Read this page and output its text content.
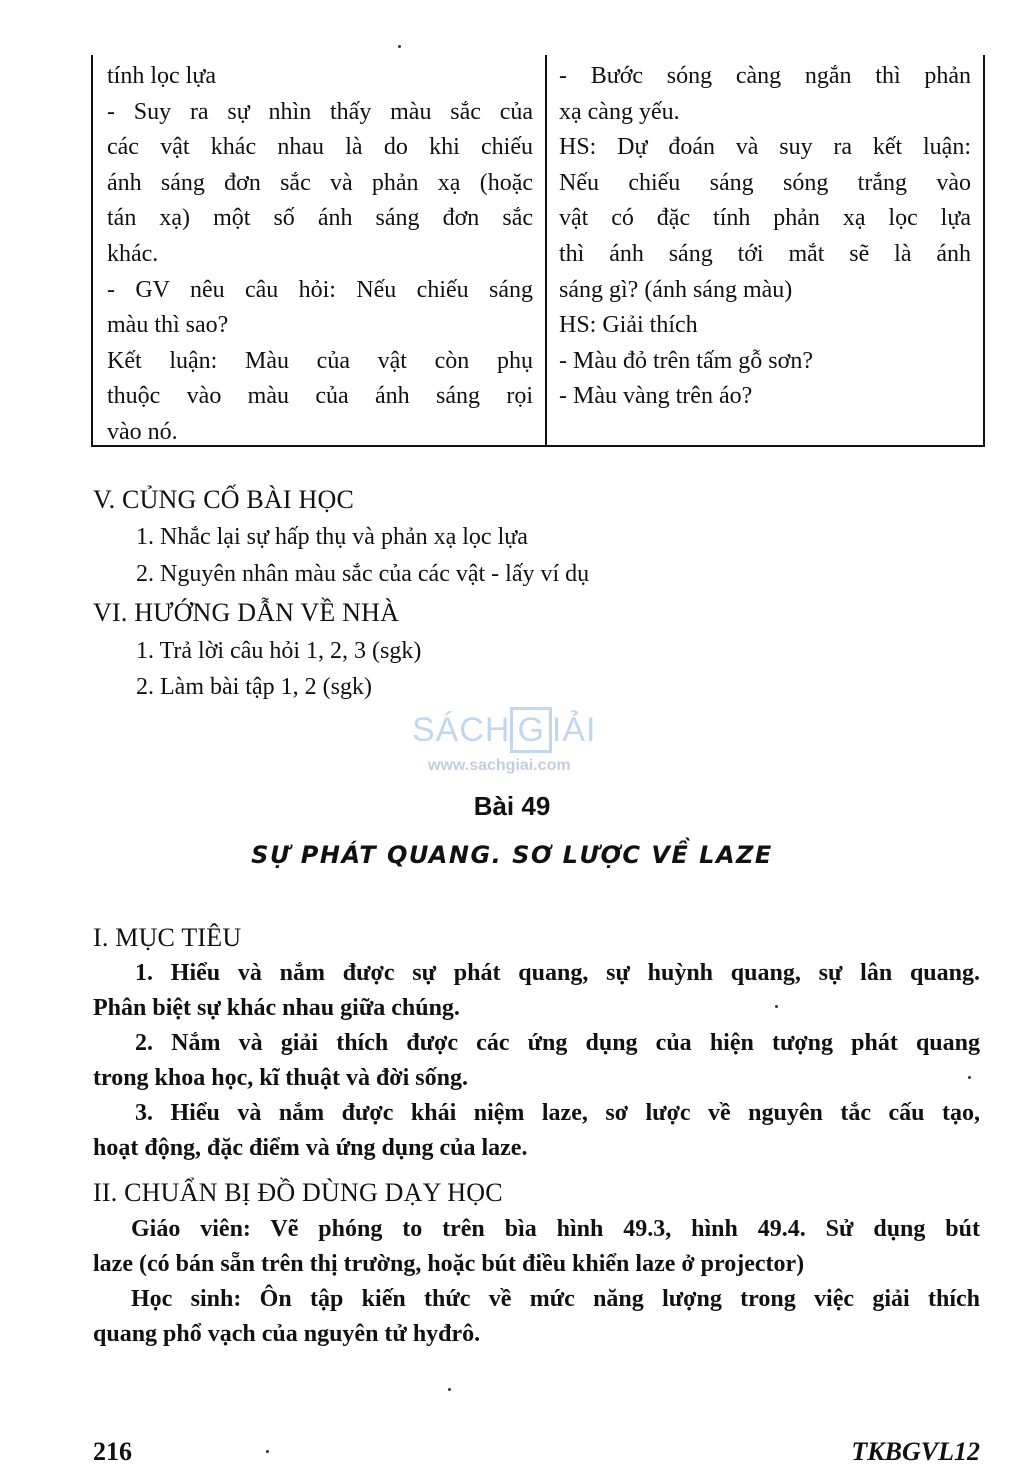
tính lọc lựa
- Suy ra sự nhìn thấy màu sắc của
các vật khác nhau là do khi chiếu
ánh sáng đơn sắc và phản xạ (hoặc
tán xạ) một số ánh sáng đơn sắc
khác.
- GV nêu câu hỏi: Nếu chiếu sáng
màu thì sao?
Kết luận: Màu của vật còn phụ
thuộc vào màu của ánh sáng rọi
vào nó.
- Bước sóng càng ngắn thì phản
xạ càng yếu.
HS: Dự đoán và suy ra kết luận:
Nếu chiếu sáng sóng trắng vào
vật có đặc tính phản xạ lọc lựa
thì ánh sáng tới mắt sẽ là ánh
sáng gì? (ánh sáng màu)
HS: Giải thích
- Màu đỏ trên tấm gỗ sơn?
- Màu vàng trên áo?
V. CỦNG CỐ BÀI HỌC
1. Nhắc lại sự hấp thụ và phản xạ lọc lựa
2. Nguyên nhân màu sắc của các vật - lấy ví dụ
VI. HƯỚNG DẪN VỀ NHÀ
1. Trả lời câu hỏi 1, 2, 3 (sgk)
2. Làm bài tập 1, 2 (sgk)
SÁCH G IẢI
www.sachgiai.com
Bài 49
SỰ PHÁT QUANG. SƠ LƯỢC VỀ LAZE
I. MỤC TIÊU
1. Hiểu và nắm được sự phát quang, sự huỳnh quang, sự lân quang.
Phân biệt sự khác nhau giữa chúng.
2. Nắm và giải thích được các ứng dụng của hiện tượng phát quang
trong khoa học, kĩ thuật và đời sống.
3. Hiểu và nắm được khái niệm laze, sơ lược về nguyên tắc cấu tạo,
hoạt động, đặc điểm và ứng dụng của laze.
II. CHUẨN BỊ ĐỒ DÙNG DẠY HỌC
Giáo viên: Vẽ phóng to trên bìa hình 49.3, hình 49.4. Sử dụng bút
laze (có bán sẵn trên thị trường, hoặc bút điều khiển laze ở projector)
Học sinh: Ôn tập kiến thức về mức năng lượng trong việc giải thích
quang phổ vạch của nguyên tử hyđrô.
216	TKBGVL12
